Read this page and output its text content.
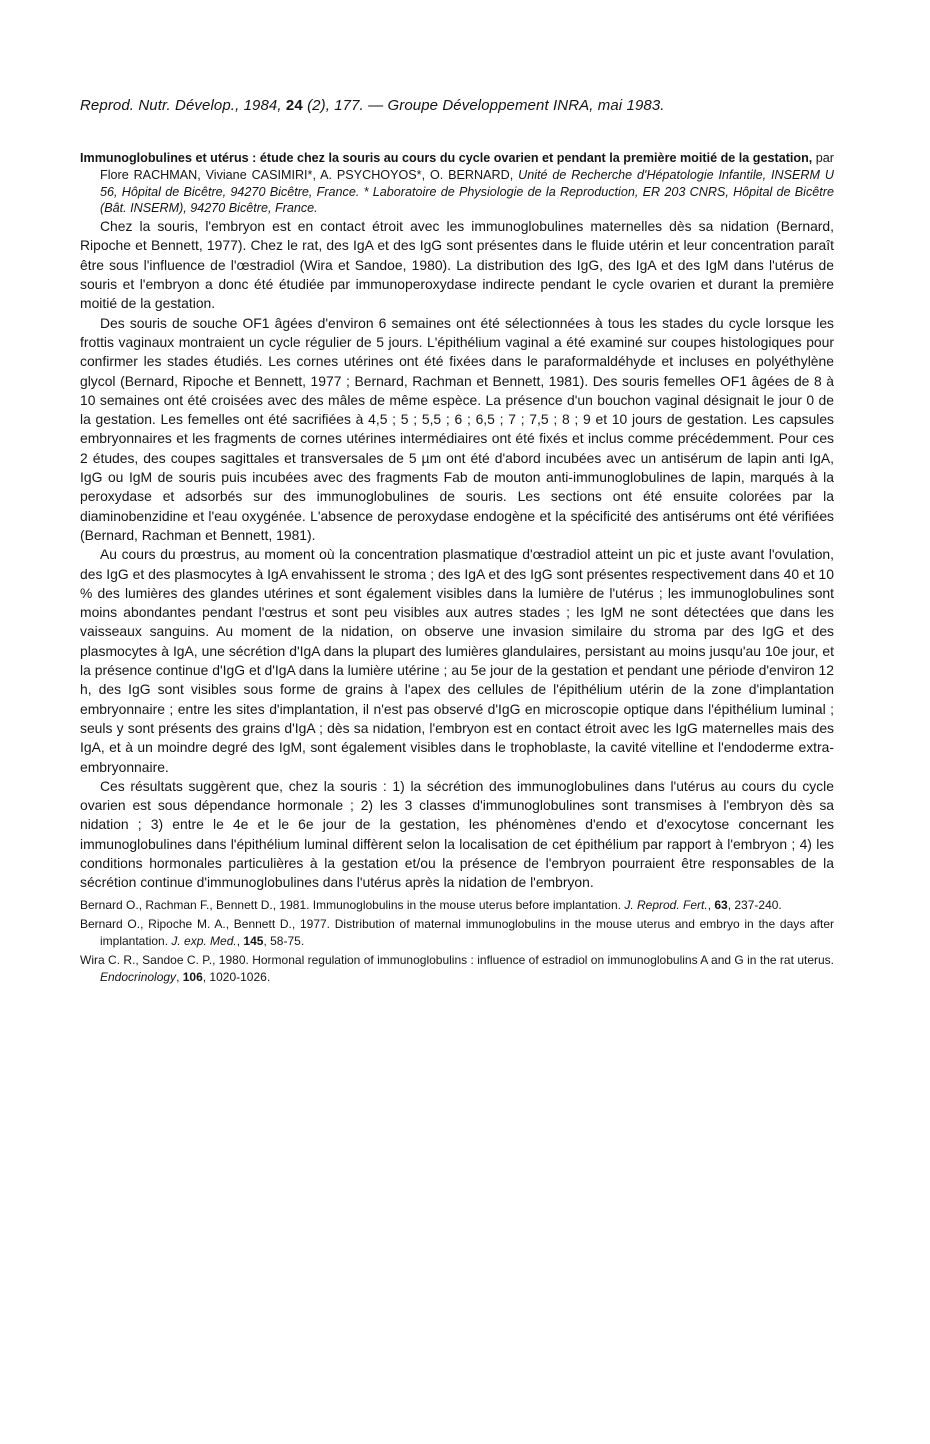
Reprod. Nutr. Dévelop., 1984, 24 (2), 177. — Groupe Développement INRA, mai 1983.

Immunoglobulines et utérus : étude chez la souris au cours du cycle ovarien et pendant la première moitié de la gestation, par Flore RACHMAN, Viviane CASIMIRI*, A. PSYCHOYOS*, O. BERNARD, Unité de Recherche d'Hépatologie Infantile, INSERM U 56, Hôpital de Bicêtre, 94270 Bicêtre, France. * Laboratoire de Physiologie de la Reproduction, ER 203 CNRS, Hôpital de Bicêtre (Bât. INSERM), 94270 Bicêtre, France.

Chez la souris, l'embryon est en contact étroit avec les immunoglobulines maternelles dès sa nidation (Bernard, Ripoche et Bennett, 1977). Chez le rat, des IgA et des IgG sont présentes dans le fluide utérin et leur concentration paraît être sous l'influence de l'œstradiol (Wira et Sandoe, 1980). La distribution des IgG, des IgA et des IgM dans l'utérus de souris et l'embryon a donc été étudiée par immunoperoxydase indirecte pendant le cycle ovarien et durant la première moitié de la gestation.

Des souris de souche OF1 âgées d'environ 6 semaines ont été sélectionnées à tous les stades du cycle lorsque les frottis vaginaux montraient un cycle régulier de 5 jours. L'épithélium vaginal a été examiné sur coupes histologiques pour confirmer les stades étudiés. Les cornes utérines ont été fixées dans le paraformaldéhyde et incluses en polyéthylène glycol (Bernard, Ripoche et Bennett, 1977 ; Bernard, Rachman et Bennett, 1981). Des souris femelles OF1 âgées de 8 à 10 semaines ont été croisées avec des mâles de même espèce. La présence d'un bouchon vaginal désignait le jour 0 de la gestation. Les femelles ont été sacrifiées à 4,5 ; 5 ; 5,5 ; 6 ; 6,5 ; 7 ; 7,5 ; 8 ; 9 et 10 jours de gestation. Les capsules embryonnaires et les fragments de cornes utérines intermédiaires ont été fixés et inclus comme précédemment. Pour ces 2 études, des coupes sagittales et transversales de 5 µm ont été d'abord incubées avec un antisérum de lapin anti IgA, IgG ou IgM de souris puis incubées avec des fragments Fab de mouton anti-immunoglobulines de lapin, marqués à la peroxydase et adsorbés sur des immunoglobulines de souris. Les sections ont été ensuite colorées par la diaminobenzidine et l'eau oxygénée. L'absence de peroxydase endogène et la spécificité des antisérums ont été vérifiées (Bernard, Rachman et Bennett, 1981).

Au cours du prœstrus, au moment où la concentration plasmatique d'œstradiol atteint un pic et juste avant l'ovulation, des IgG et des plasmocytes à IgA envahissent le stroma ; des IgA et des IgG sont présentes respectivement dans 40 et 10 % des lumières des glandes utérines et sont également visibles dans la lumière de l'utérus ; les immunoglobulines sont moins abondantes pendant l'œstrus et sont peu visibles aux autres stades ; les IgM ne sont détectées que dans les vaisseaux sanguins. Au moment de la nidation, on observe une invasion similaire du stroma par des IgG et des plasmocytes à IgA, une sécrétion d'IgA dans la plupart des lumières glandulaires, persistant au moins jusqu'au 10e jour, et la présence continue d'IgG et d'IgA dans la lumière utérine ; au 5e jour de la gestation et pendant une période d'environ 12 h, des IgG sont visibles sous forme de grains à l'apex des cellules de l'épithélium utérin de la zone d'implantation embryonnaire ; entre les sites d'implantation, il n'est pas observé d'IgG en microscopie optique dans l'épithélium luminal ; seuls y sont présents des grains d'IgA ; dès sa nidation, l'embryon est en contact étroit avec les IgG maternelles mais des IgA, et à un moindre degré des IgM, sont également visibles dans le trophoblaste, la cavité vitelline et l'endoderme extra-embryonnaire.

Ces résultats suggèrent que, chez la souris : 1) la sécrétion des immunoglobulines dans l'utérus au cours du cycle ovarien est sous dépendance hormonale ; 2) les 3 classes d'immunoglobulines sont transmises à l'embryon dès sa nidation ; 3) entre le 4e et le 6e jour de la gestation, les phénomènes d'endo et d'exocytose concernant les immunoglobulines dans l'épithélium luminal diffèrent selon la localisation de cet épithélium par rapport à l'embryon ; 4) les conditions hormonales particulières à la gestation et/ou la présence de l'embryon pourraient être responsables de la sécrétion continue d'immunoglobulines dans l'utérus après la nidation de l'embryon.

Bernard O., Rachman F., Bennett D., 1981. Immunoglobulins in the mouse uterus before implantation. J. Reprod. Fert., 63, 237-240.

Bernard O., Ripoche M. A., Bennett D., 1977. Distribution of maternal immunoglobulins in the mouse uterus and embryo in the days after implantation. J. exp. Med., 145, 58-75.

Wira C. R., Sandoe C. P., 1980. Hormonal regulation of immunoglobulins : influence of estradiol on immunoglobulins A and G in the rat uterus. Endocrinology, 106, 1020-1026.
